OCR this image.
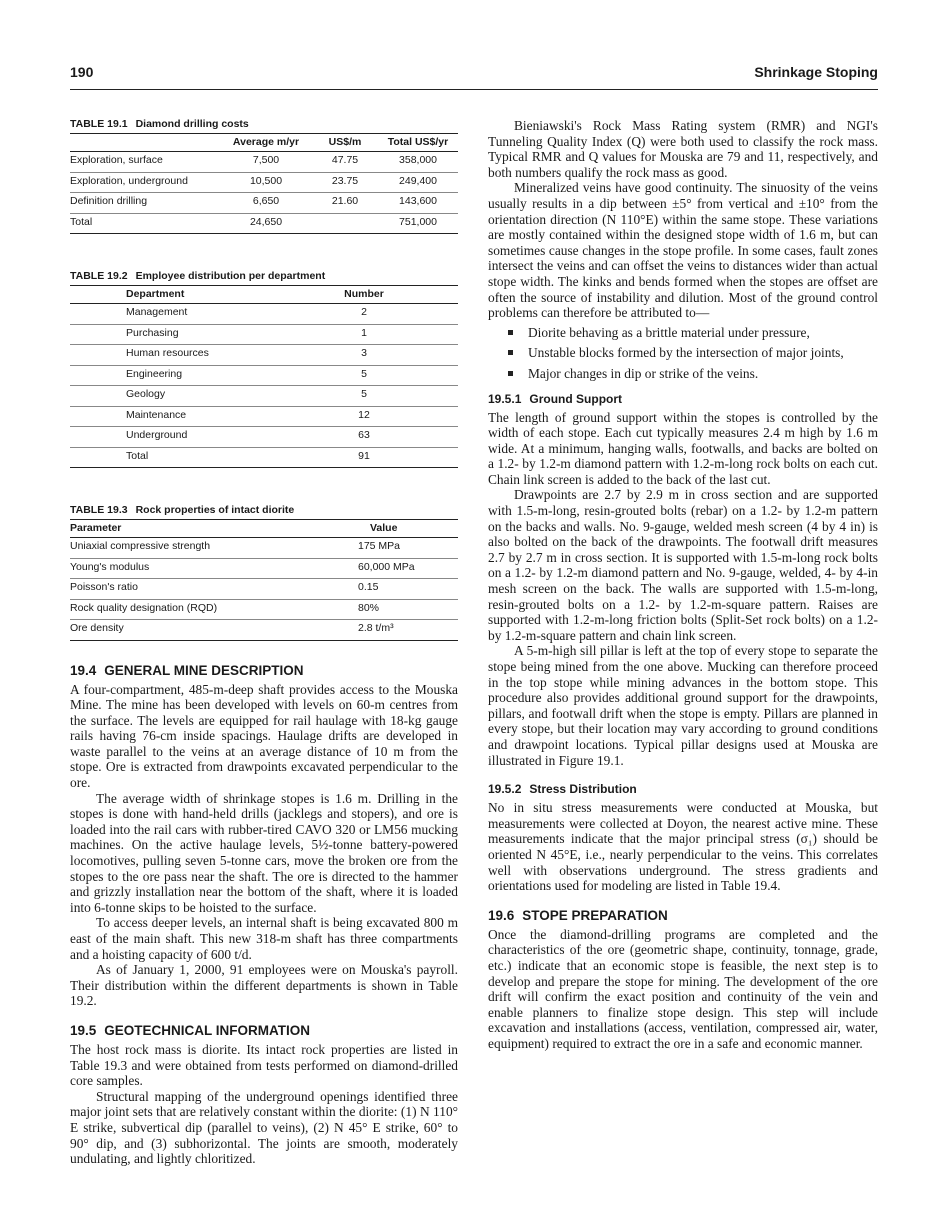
190	Shrinkage Stoping
TABLE 19.1 Diamond drilling costs
	Average m/yr	US$/m	Total US$/yr
Exploration, surface	7,500	47.75	358,000
Exploration, underground	10,500	23.75	249,400
Definition drilling	6,650	21.60	143,600
Total	24,650		751,000
TABLE 19.2 Employee distribution per department
	Department	Number	
	Management	2	
	Purchasing	1	
	Human resources	3	
	Engineering	5	
	Geology	5	
	Maintenance	12	
	Underground	63	
	Total	91	
TABLE 19.3 Rock properties of intact diorite
Parameter	Value
Uniaxial compressive strength	175 MPa
Young's modulus	60,000 MPa
Poisson's ratio	0.15
Rock quality designation (RQD)	80%
Ore density	2.8 t/m³
19.4 GENERAL MINE DESCRIPTION

A four-compartment, 485-m-deep shaft provides access to the Mouska Mine. The mine has been developed with levels on 60-m centres from the surface. The levels are equipped for rail haulage with 18-kg gauge rails having 76-cm inside spacings. Haulage drifts are developed in waste parallel to the veins at an average distance of 10 m from the stope. Ore is extracted from drawpoints excavated perpendicular to the ore.

The average width of shrinkage stopes is 1.6 m. Drilling in the stopes is done with hand-held drills (jacklegs and stopers), and ore is loaded into the rail cars with rubber-tired CAVO 320 or LM56 mucking machines. On the active haulage levels, 5½-tonne battery-powered locomotives, pulling seven 5-tonne cars, move the broken ore from the stopes to the ore pass near the shaft. The ore is directed to the hammer and grizzly installation near the bottom of the shaft, where it is loaded into 6-tonne skips to be hoisted to the surface.

To access deeper levels, an internal shaft is being excavated 800 m east of the main shaft. This new 318-m shaft has three compartments and a hoisting capacity of 600 t/d.

As of January 1, 2000, 91 employees were on Mouska's payroll. Their distribution within the different departments is shown in Table 19.2.

19.5 GEOTECHNICAL INFORMATION

The host rock mass is diorite. Its intact rock properties are listed in Table 19.3 and were obtained from tests performed on diamond-drilled core samples.

Structural mapping of the underground openings identified three major joint sets that are relatively constant within the diorite: (1) N 110° E strike, subvertical dip (parallel to veins), (2) N 45° E strike, 60° to 90° dip, and (3) subhorizontal. The joints are smooth, moderately undulating, and lightly chloritized.

Bieniawski's Rock Mass Rating system (RMR) and NGI's Tunneling Quality Index (Q) were both used to classify the rock mass. Typical RMR and Q values for Mouska are 79 and 11, respectively, and both numbers qualify the rock mass as good.

Mineralized veins have good continuity. The sinuosity of the veins usually results in a dip between ±5° from vertical and ±10° from the orientation direction (N 110°E) within the same stope. These variations are mostly contained within the designed stope width of 1.6 m, but can sometimes cause changes in the stope profile. In some cases, fault zones intersect the veins and can offset the veins to distances wider than actual stope width. The kinks and bends formed when the stopes are offset are often the source of instability and dilution. Most of the ground control problems can therefore be attributed to—

Diorite behaving as a brittle material under pressure,
Unstable blocks formed by the intersection of major joints,
Major changes in dip or strike of the veins.
19.5.1 Ground Support

The length of ground support within the stopes is controlled by the width of each stope. Each cut typically measures 2.4 m high by 1.6 m wide. At a minimum, hanging walls, footwalls, and backs are bolted on a 1.2- by 1.2-m diamond pattern with 1.2-m-long rock bolts on each cut. Chain link screen is added to the back of the last cut.

Drawpoints are 2.7 by 2.9 m in cross section and are supported with 1.5-m-long, resin-grouted bolts (rebar) on a 1.2- by 1.2-m pattern on the backs and walls. No. 9-gauge, welded mesh screen (4 by 4 in) is also bolted on the back of the drawpoints. The footwall drift measures 2.7 by 2.7 m in cross section. It is supported with 1.5-m-long rock bolts on a 1.2- by 1.2-m diamond pattern and No. 9-gauge, welded, 4- by 4-in mesh screen on the back. The walls are supported with 1.5-m-long, resin-grouted bolts on a 1.2- by 1.2-m-square pattern. Raises are supported with 1.2-m-long friction bolts (Split-Set rock bolts) on a 1.2- by 1.2-m-square pattern and chain link screen.

A 5-m-high sill pillar is left at the top of every stope to separate the stope being mined from the one above. Mucking can therefore proceed in the top stope while mining advances in the bottom stope. This procedure also provides additional ground support for the drawpoints, pillars, and footwall drift when the stope is empty. Pillars are planned in every stope, but their location may vary according to ground conditions and drawpoint locations. Typical pillar designs used at Mouska are illustrated in Figure 19.1.

19.5.2 Stress Distribution

No in situ stress measurements were conducted at Mouska, but measurements were collected at Doyon, the nearest active mine. These measurements indicate that the major principal stress (σ₁) should be oriented N 45°E, i.e., nearly perpendicular to the veins. This correlates well with observations underground. The stress gradients and orientations used for modeling are listed in Table 19.4.

19.6 STOPE PREPARATION

Once the diamond-drilling programs are completed and the characteristics of the ore (geometric shape, continuity, tonnage, grade, etc.) indicate that an economic stope is feasible, the next step is to develop and prepare the stope for mining. The development of the ore drift will confirm the exact position and continuity of the vein and enable planners to finalize stope design. This step will include excavation and installations (access, ventilation, compressed air, water, equipment) required to extract the ore in a safe and economic manner.
